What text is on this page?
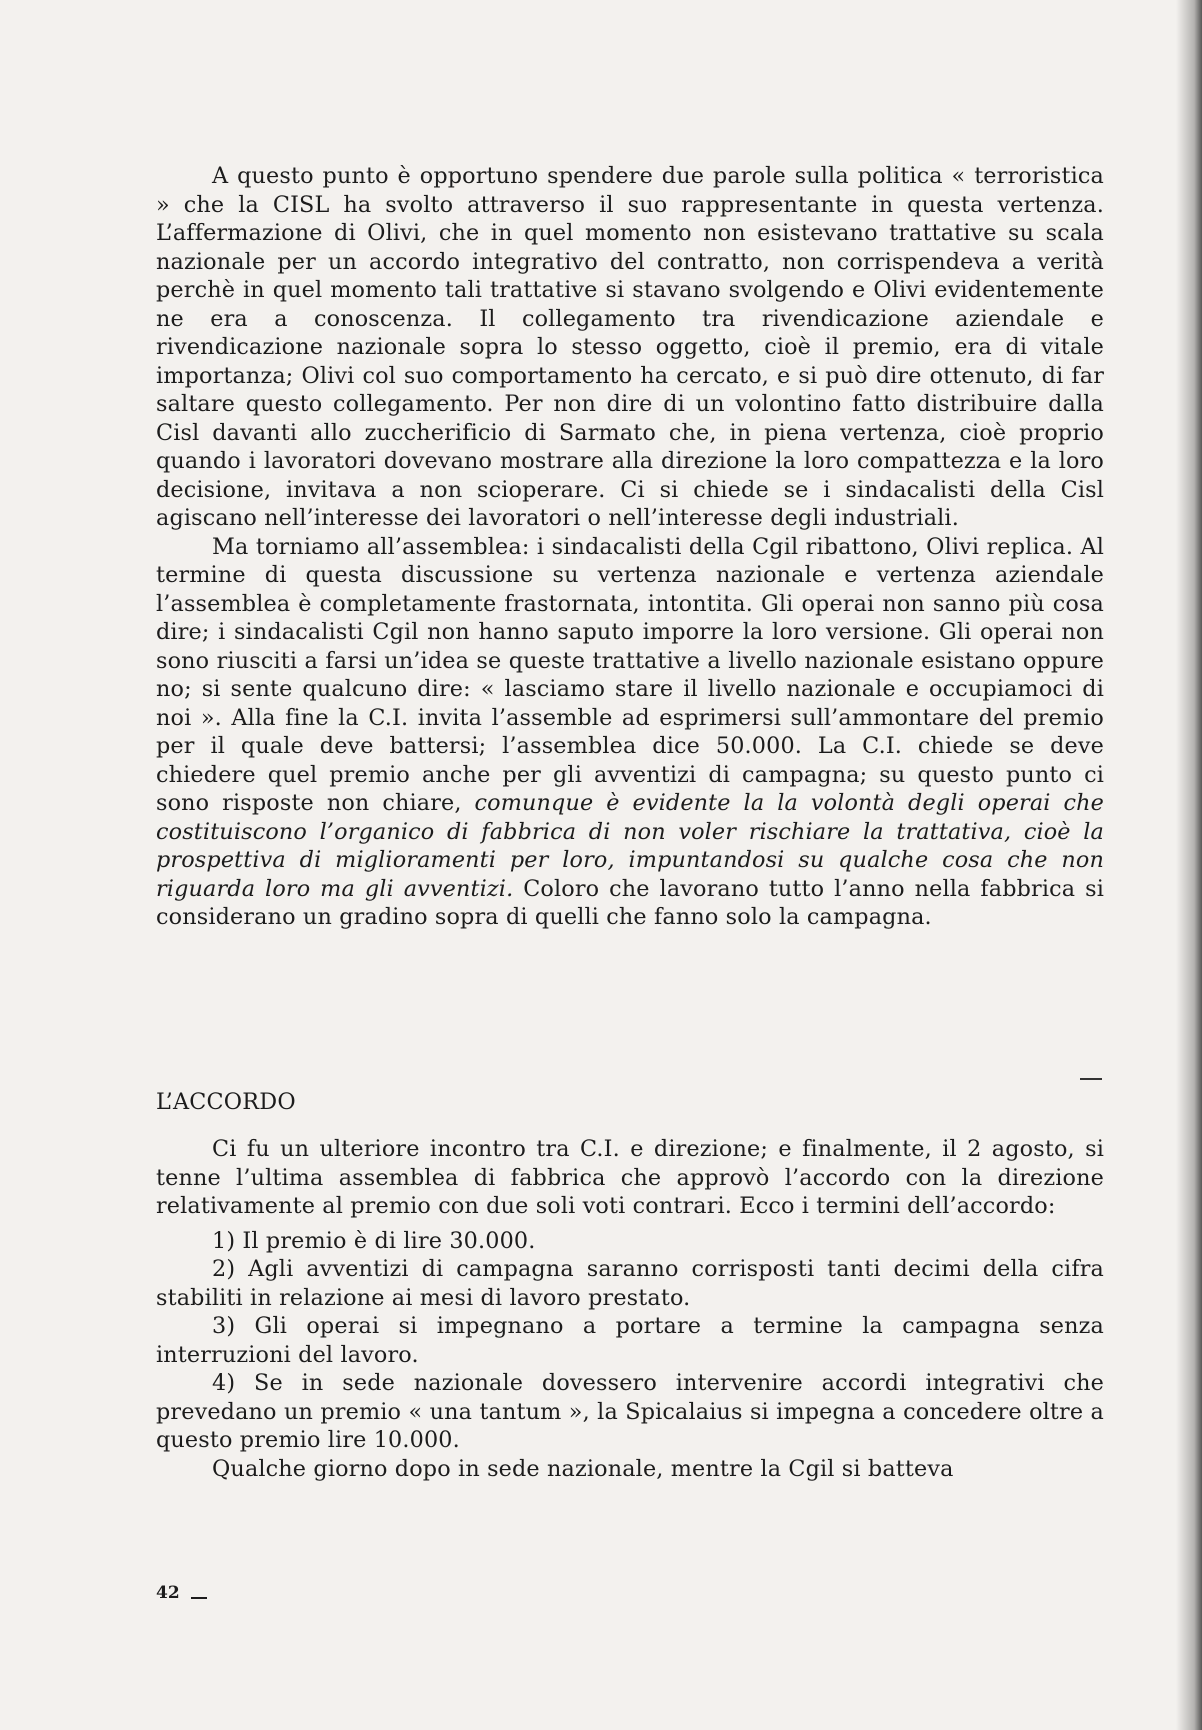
A questo punto è opportuno spendere due parole sulla politica « terroristica » che la CISL ha svolto attraverso il suo rappresentante in questa vertenza. L’affermazione di Olivi, che in quel momento non esistevano trattative su scala nazionale per un accordo integrativo del contratto, non corrispendeva a verità perchè in quel momento tali trattative si stavano svolgendo e Olivi evidentemente ne era a conoscenza. Il collegamento tra rivendicazione aziendale e rivendicazione nazionale sopra lo stesso oggetto, cioè il premio, era di vitale importanza; Olivi col suo comportamento ha cercato, e si può dire ottenuto, di far saltare questo collegamento. Per non dire di un volontino fatto distribuire dalla Cisl davanti allo zuccherificio di Sarmato che, in piena vertenza, cioè proprio quando i lavoratori dovevano mostrare alla direzione la loro compattezza e la loro decisione, invitava a non scioperare. Ci si chiede se i sindacalisti della Cisl agiscano nell’interesse dei lavoratori o nell’interesse degli industriali.

Ma torniamo all’assemblea: i sindacalisti della Cgil ribattono, Olivi replica. Al termine di questa discussione su vertenza nazionale e vertenza aziendale l’assemblea è completamente frastornata, intontita. Gli operai non sanno più cosa dire; i sindacalisti Cgil non hanno saputo imporre la loro versione. Gli operai non sono riusciti a farsi un’idea se queste trattative a livello nazionale esistano oppure no; si sente qualcuno dire: « lasciamo stare il livello nazionale e occupiamoci di noi ». Alla fine la C.I. invita l’assemble ad esprimersi sull’ammontare del premio per il quale deve battersi; l’assemblea dice 50.000. La C.I. chiede se deve chiedere quel premio anche per gli avventizi di campagna; su questo punto ci sono risposte non chiare, comunque è evidente la la volontà degli operai che costituiscono l’organico di fabbrica di non voler rischiare la trattativa, cioè la prospettiva di miglioramenti per loro, impuntandosi su qualche cosa che non riguarda loro ma gli avventizi. Coloro che lavorano tutto l’anno nella fabbrica si considerano un gradino sopra di quelli che fanno solo la campagna.

L’ACCORDO

Ci fu un ulteriore incontro tra C.I. e direzione; e finalmente, il 2 agosto, si tenne l’ultima assemblea di fabbrica che approvò l’accordo con la direzione relativamente al premio con due soli voti contrari. Ecco i termini dell’accordo:

1) Il premio è di lire 30.000.

2) Agli avventizi di campagna saranno corrisposti tanti decimi della cifra stabiliti in relazione ai mesi di lavoro prestato.

3) Gli operai si impegnano a portare a termine la campagna senza interruzioni del lavoro.

4) Se in sede nazionale dovessero intervenire accordi integrativi che prevedano un premio « una tantum », la Spicalaius si impegna a concedere oltre a questo premio lire 10.000.

Qualche giorno dopo in sede nazionale, mentre la Cgil si batteva

42
